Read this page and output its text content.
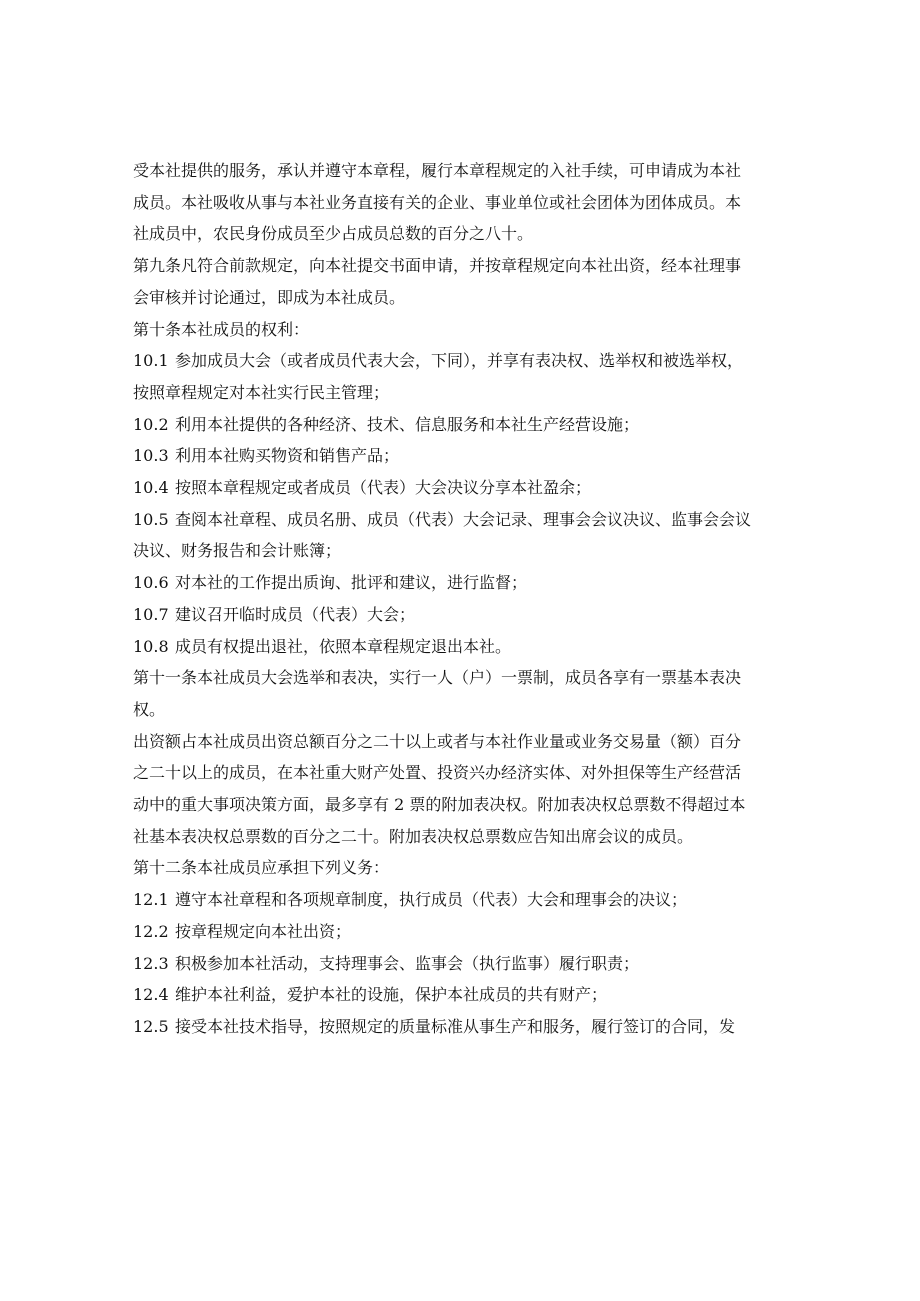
受本社提供的服务，承认并遵守本章程，履行本章程规定的入社手续，可申请成为本社
成员。本社吸收从事与本社业务直接有关的企业、事业单位或社会团体为团体成员。本
社成员中，农民身份成员至少占成员总数的百分之八十。

第九条凡符合前款规定，向本社提交书面申请，并按章程规定向本社出资，经本社理事
会审核并讨论通过，即成为本社成员。

第十条本社成员的权利：

10.1 参加成员大会（或者成员代表大会，下同），并享有表决权、选举权和被选举权，
按照章程规定对本社实行民主管理；

10.2 利用本社提供的各种经济、技术、信息服务和本社生产经营设施；

10.3 利用本社购买物资和销售产品；

10.4 按照本章程规定或者成员（代表）大会决议分享本社盈余；

10.5 查阅本社章程、成员名册、成员（代表）大会记录、理事会会议决议、监事会会议
决议、财务报告和会计账簿；

10.6 对本社的工作提出质询、批评和建议，进行监督；

10.7 建议召开临时成员（代表）大会；

10.8 成员有权提出退社，依照本章程规定退出本社。

第十一条本社成员大会选举和表决，实行一人（户）一票制，成员各享有一票基本表决
权。

出资额占本社成员出资总额百分之二十以上或者与本社作业量或业务交易量（额）百分
之二十以上的成员，在本社重大财产处置、投资兴办经济实体、对外担保等生产经营活
动中的重大事项决策方面，最多享有 2 票的附加表决权。附加表决权总票数不得超过本
社基本表决权总票数的百分之二十。附加表决权总票数应告知出席会议的成员。

第十二条本社成员应承担下列义务：

12.1 遵守本社章程和各项规章制度，执行成员（代表）大会和理事会的决议；

12.2 按章程规定向本社出资；

12.3 积极参加本社活动，支持理事会、监事会（执行监事）履行职责；

12.4 维护本社利益，爱护本社的设施，保护本社成员的共有财产；

12.5 接受本社技术指导，按照规定的质量标准从事生产和服务，履行签订的合同，发
